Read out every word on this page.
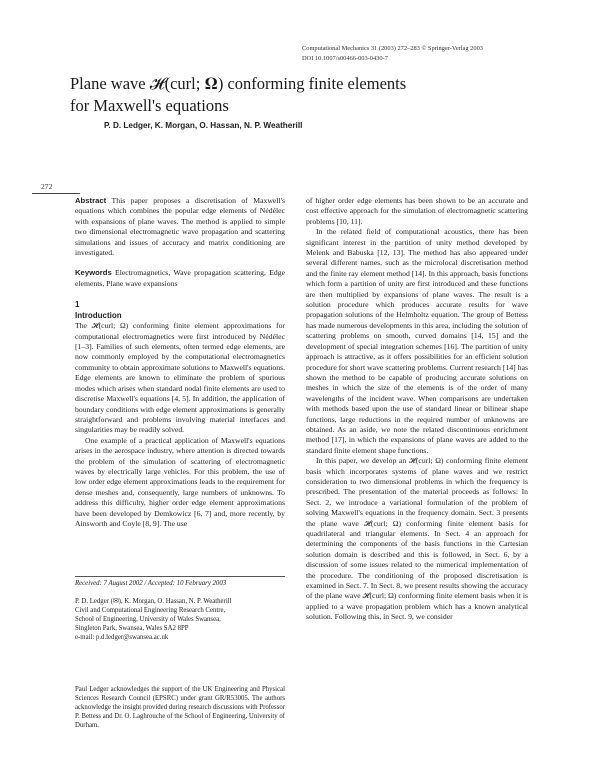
Computational Mechanics 31 (2003) 272–283 © Springer-Verlag 2003
DOI 10.1007/s00466-003-0430-7
Plane wave 𝓗(curl; 𝛀) conforming finite elements
for Maxwell's equations
P. D. Ledger, K. Morgan, O. Hassan, N. P. Weatherill
272

Abstract This paper proposes a discretisation of Maxwell's equations which combines the popular edge elements of Nédélec with expansions of plane waves. The method is applied to simple two dimensional electromagnetic wave propagation and scattering simulations and issues of accuracy and matrix conditioning are investigated.

Keywords Electromagnetics, Wave propagation scattering, Edge elements, Plane wave expansions

1
Introduction

The 𝓗(curl; Ω) conforming finite element approximations for computational electromagnetics were first introduced by Nédélec [1–3]. Families of such elements, often termed edge elements, are now commonly employed by the computational electromagnetics community to obtain approximate solutions to Maxwell's equations. Edge elements are known to eliminate the problem of spurious modes which arises when standard nodal finite elements are used to discretise Maxwell's equations [4, 5]. In addition, the application of boundary conditions with edge element approximations is generally straightforward and problems involving material interfaces and singularities may be readily solved.

One example of a practical application of Maxwell's equations arises in the aerospace industry, where attention is directed towards the problem of the simulation of scattering of electromagnetic waves by electrically large vehicles. For this problem, the use of low order edge element approximations leads to the requirement for dense meshes and, consequently, large numbers of unknowns. To address this difficulty, higher order edge element approximations have been developed by Demkowicz [6, 7] and, more recently, by Ainsworth and Coyle [8, 9]. The use

of higher order edge elements has been shown to be an accurate and cost effective approach for the simulation of electromagnetic scattering problems [10, 11].

In the related field of computational acoustics, there has been significant interest in the partition of unity method developed by Melenk and Babuska [12, 13]. The method has also appeared under several different names, such as the microlocal discretisation method and the finite ray element method [14]. In this approach, basis functions which form a partition of unity are first introduced and these functions are then multiplied by expansions of plane waves. The result is a solution procedure which produces accurate results for wave propagation solutions of the Helmholtz equation. The group of Bettess has made numerous developments in this area, including the solution of scattering problems on smooth, curved domains [14, 15] and the development of special integration schemes [16]. The partition of unity approach is attractive, as it offers possibilities for an efficient solution procedure for short wave scattering problems. Current research [14] has shown the method to be capable of producing accurate solutions on meshes in which the size of the elements is of the order of many wavelengths of the incident wave. When comparisons are undertaken with methods based upon the use of standard linear or bilinear shape functions, large reductions in the required number of unknowns are obtained. As an aside, we note the related discontinuous enrichment method [17], in which the expansions of plane waves are added to the standard finite element shape functions.

In this paper, we develop an 𝓗(curl; Ω) conforming finite element basis which incorporates systems of plane waves and we restrict consideration to two dimensional problems in which the frequency is prescribed. The presentation of the material proceeds as follows: In Sect. 2, we introduce a variational formulation of the problem of solving Maxwell's equations in the frequency domain. Sect. 3 presents the plane wave 𝓗(curl; Ω) conforming finite element basis for quadrilateral and triangular elements. In Sect. 4 an approach for determining the components of the basis functions in the Cartesian solution domain is described and this is followed, in Sect. 6, by a discussion of some issues related to the numerical implementation of the procedure. The conditioning of the proposed discretisation is examined in Sect. 7. In Sect. 8, we present results showing the accuracy of the plane wave 𝓗(curl; Ω) conforming finite element basis when it is applied to a wave propagation problem which has a known analytical solution. Following this, in Sect. 9, we consider

Received: 7 August 2002 / Accepted: 10 February 2003
P. D. Ledger (✉), K. Morgan, O. Hassan, N. P. Weatherill
Civil and Computational Engineering Research Centre,
School of Engineering, University of Wales Swansea,
Singleton Park, Swansea, Wales SA2 8PP
e-mail: p.d.ledger@swansea.ac.uk
Paul Ledger acknowledges the support of the UK Engineering and Physical Sciences Research Council (EPSRC) under grant GR/R53005. The authors acknowledge the insight provided during research discussions with Professor P. Bettess and Dr. O. Laghrouche of the School of Engineering, University of Durham.
